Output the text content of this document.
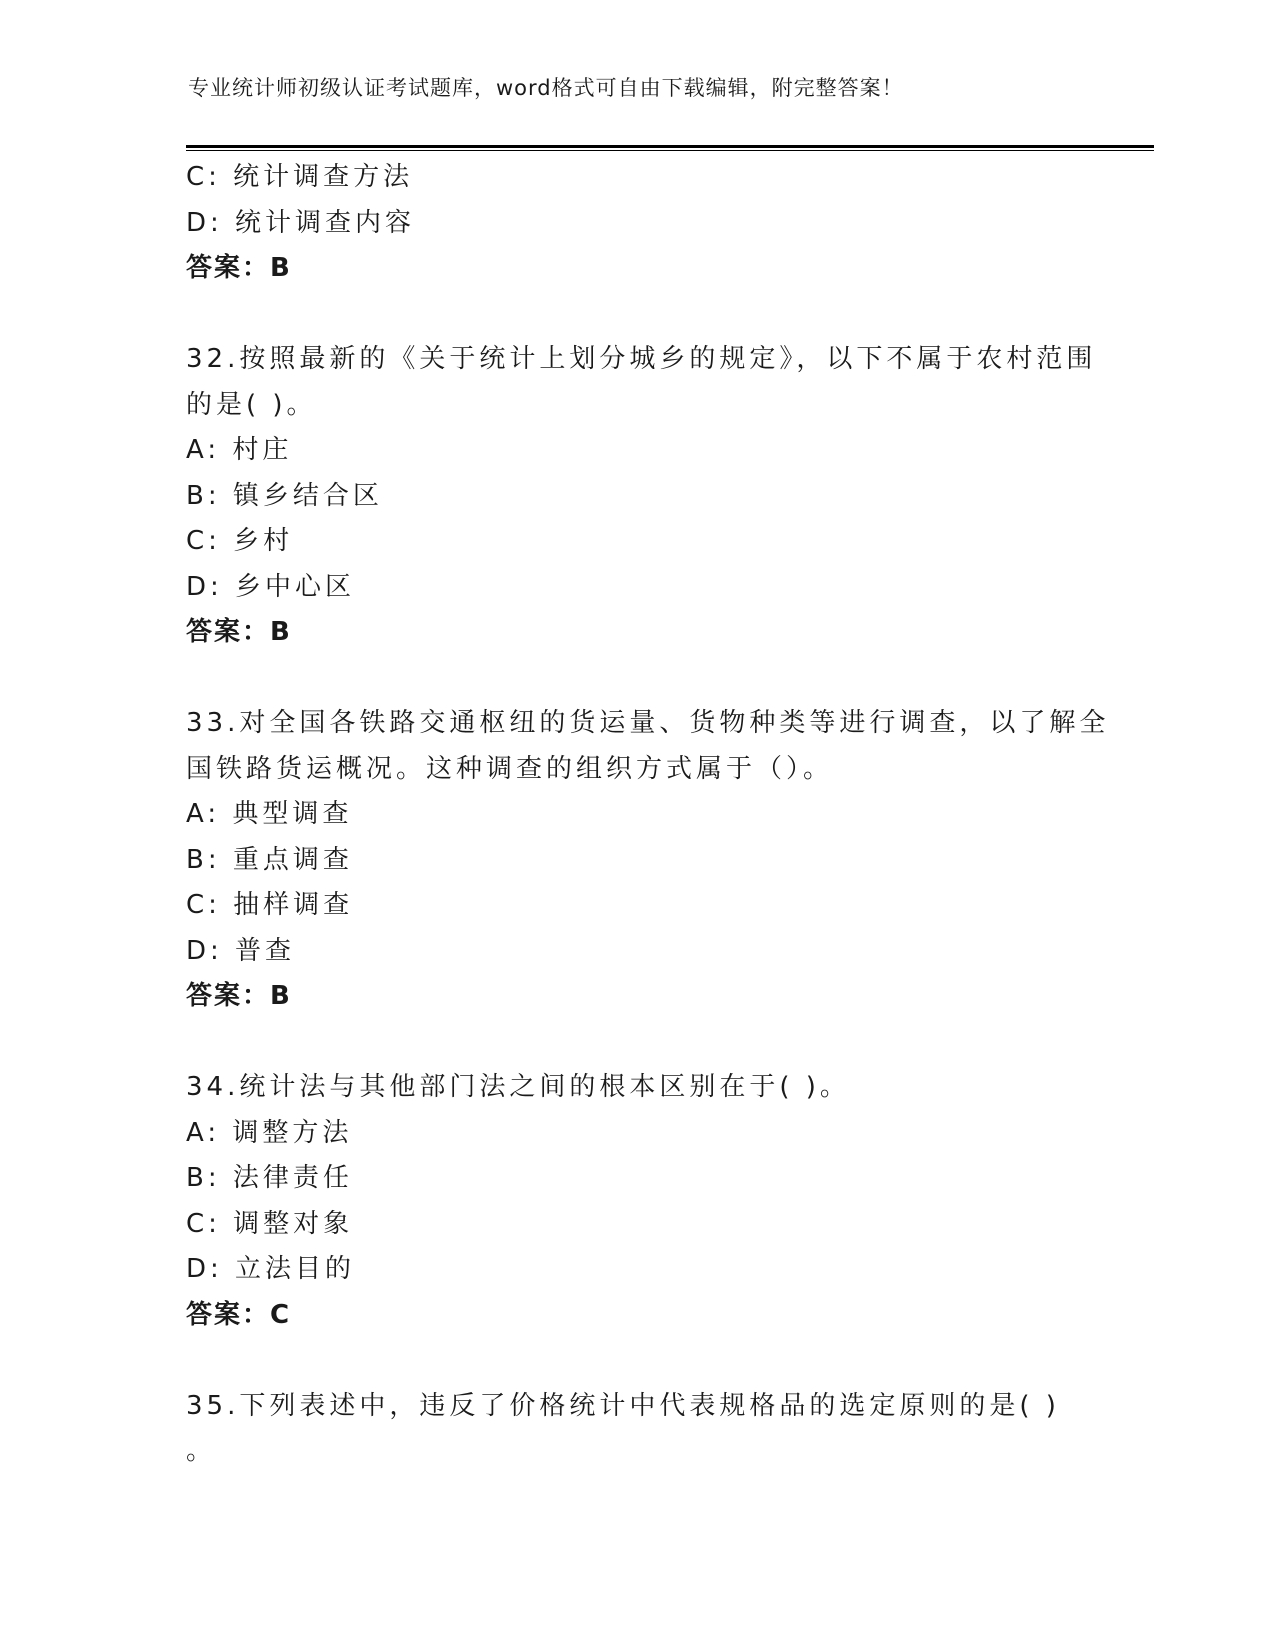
专业统计师初级认证考试题库，word格式可自由下载编辑，附完整答案！
C: 统计调查方法
D: 统计调查内容
答案：B
32.按照最新的《关于统计上划分城乡的规定》，以下不属于农村范围
的是( )。
A: 村庄
B: 镇乡结合区
C: 乡村
D: 乡中心区
答案：B
33.对全国各铁路交通枢纽的货运量、货物种类等进行调查，以了解全
国铁路货运概况。这种调查的组织方式属于（）。
A: 典型调查
B: 重点调查
C: 抽样调查
D: 普查
答案：B
34.统计法与其他部门法之间的根本区别在于( )。
A: 调整方法
B: 法律责任
C: 调整对象
D: 立法目的
答案：C
35.下列表述中，违反了价格统计中代表规格品的选定原则的是( )
。
